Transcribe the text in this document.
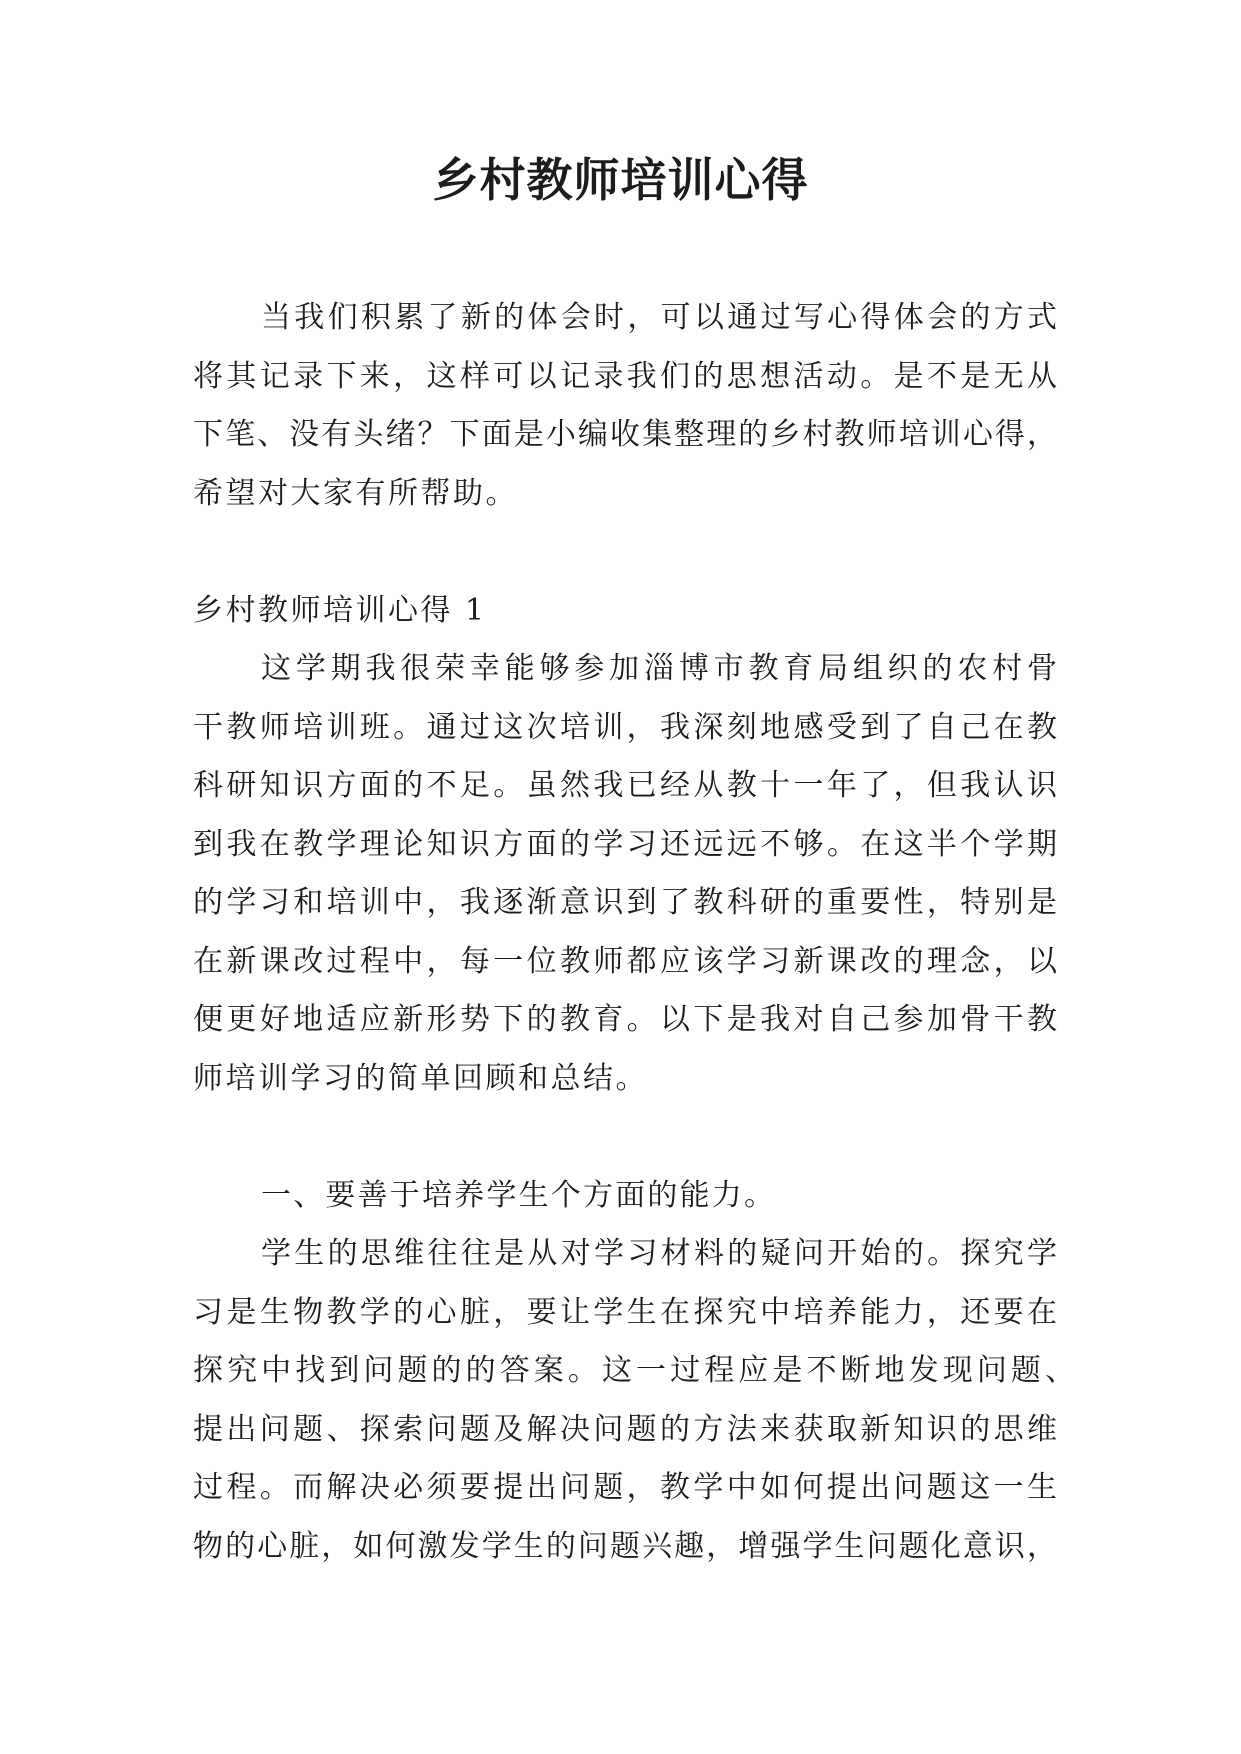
乡村教师培训心得
当我们积累了新的体会时，可以通过写心得体会的方式
将其记录下来，这样可以记录我们的思想活动。是不是无从
下笔、没有头绪？下面是小编收集整理的乡村教师培训心得，
希望对大家有所帮助。
乡村教师培训心得 1
这学期我很荣幸能够参加淄博市教育局组织的农村骨
干教师培训班。通过这次培训，我深刻地感受到了自己在教
科研知识方面的不足。虽然我已经从教十一年了，但我认识
到我在教学理论知识方面的学习还远远不够。在这半个学期
的学习和培训中，我逐渐意识到了教科研的重要性，特别是
在新课改过程中，每一位教师都应该学习新课改的理念，以
便更好地适应新形势下的教育。以下是我对自己参加骨干教
师培训学习的简单回顾和总结。
一、要善于培养学生个方面的能力。
学生的思维往往是从对学习材料的疑问开始的。探究学
习是生物教学的心脏，要让学生在探究中培养能力，还要在
探究中找到问题的的答案。这一过程应是不断地发现问题、
提出问题、探索问题及解决问题的方法来获取新知识的思维
过程。而解决必须要提出问题，教学中如何提出问题这一生
物的心脏，如何激发学生的问题兴趣，增强学生问题化意识，
